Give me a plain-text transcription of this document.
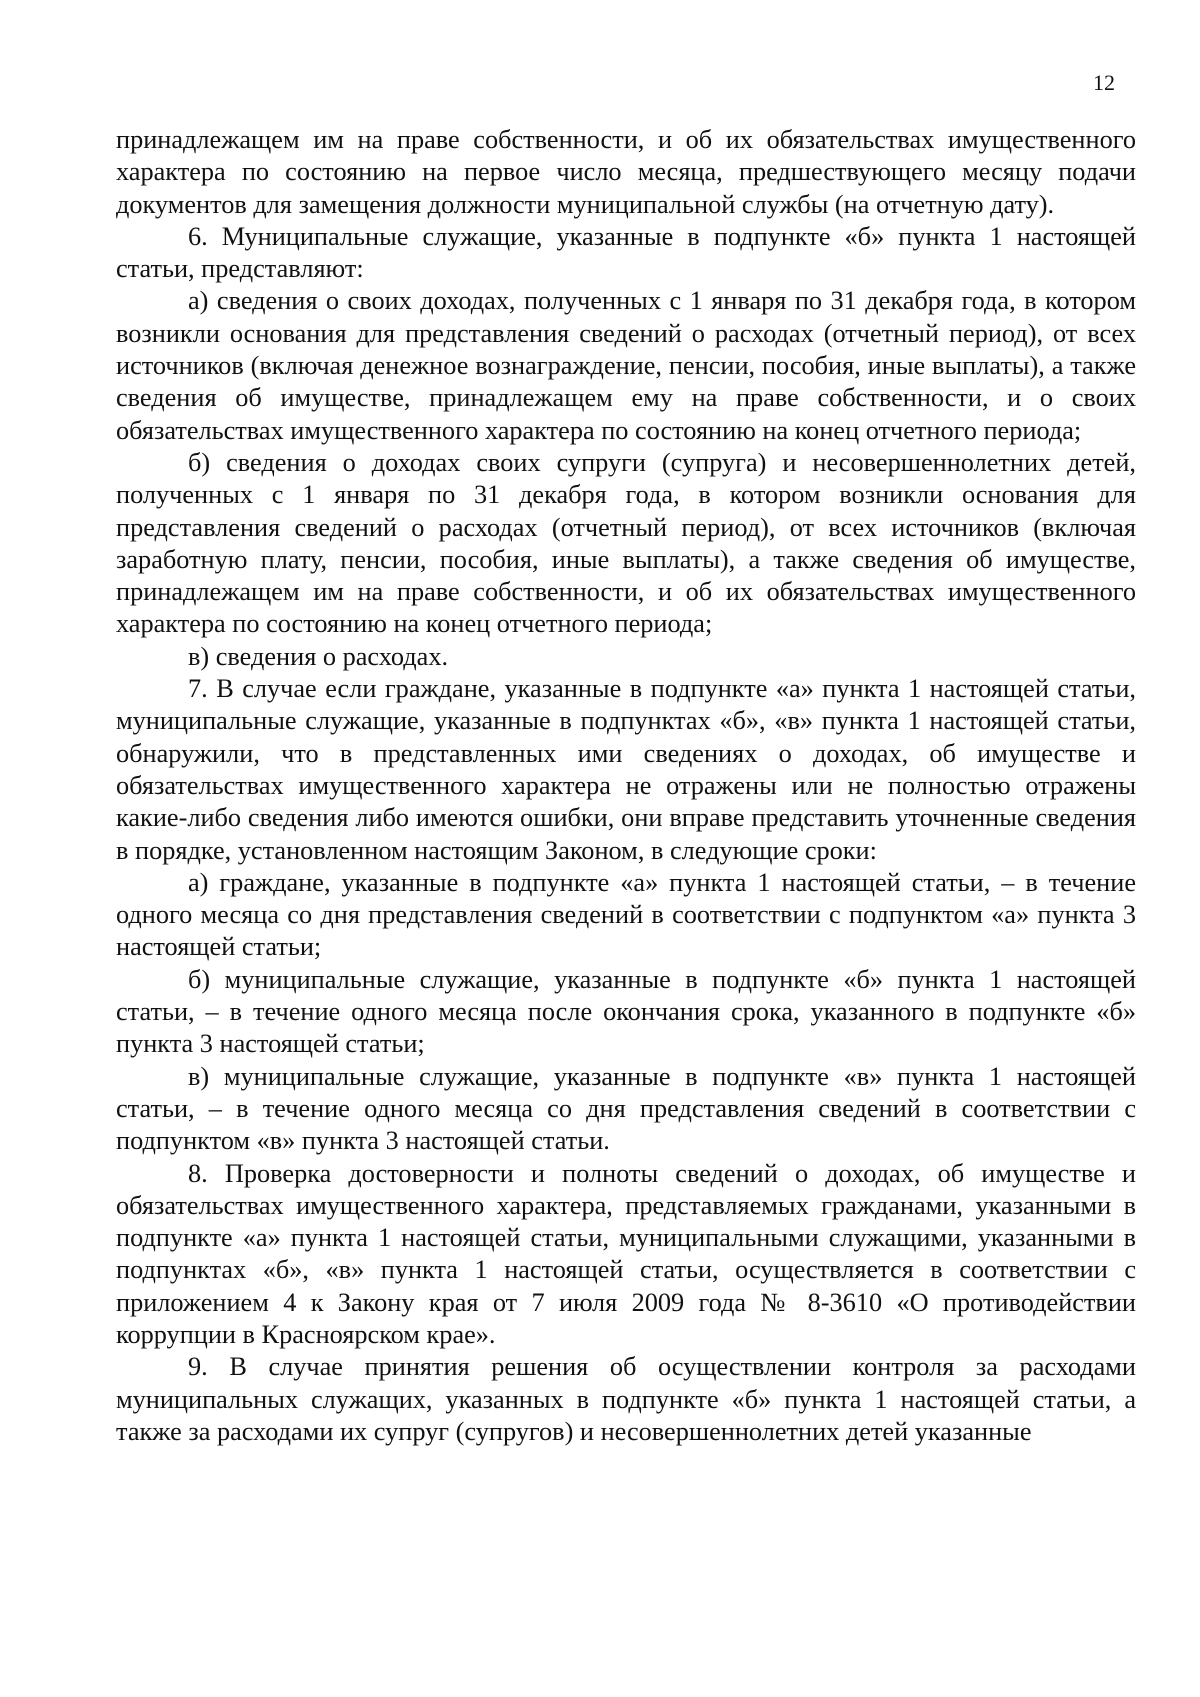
12

принадлежащем им на праве собственности, и об их обязательствах имущественного характера по состоянию на первое число месяца, предшествующего месяцу подачи документов для замещения должности муниципальной службы (на отчетную дату).

6. Муниципальные служащие, указанные в подпункте «б» пункта 1 настоящей статьи, представляют:

а) сведения о своих доходах, полученных с 1 января по 31 декабря года, в котором возникли основания для представления сведений о расходах (отчетный период), от всех источников (включая денежное вознаграждение, пенсии, пособия, иные выплаты), а также сведения об имуществе, принадлежащем ему на праве собственности, и о своих обязательствах имущественного характера по состоянию на конец отчетного периода;

б) сведения о доходах своих супруги (супруга) и несовершеннолетних детей, полученных с 1 января по 31 декабря года, в котором возникли основания для представления сведений о расходах (отчетный период), от всех источников (включая заработную плату, пенсии, пособия, иные выплаты), а также сведения об имуществе, принадлежащем им на праве собственности, и об их обязательствах имущественного характера по состоянию на конец отчетного периода;

в) сведения о расходах.

7. В случае если граждане, указанные в подпункте «а» пункта 1 настоящей статьи, муниципальные служащие, указанные в подпунктах «б», «в» пункта 1 настоящей статьи, обнаружили, что в представленных ими сведениях о доходах, об имуществе и обязательствах имущественного характера не отражены или не полностью отражены какие-либо сведения либо имеются ошибки, они вправе представить уточненные сведения в порядке, установленном настоящим Законом, в следующие сроки:

а) граждане, указанные в подпункте «а» пункта 1 настоящей статьи, – в течение одного месяца со дня представления сведений в соответствии с подпунктом «а» пункта 3 настоящей статьи;

б) муниципальные служащие, указанные в подпункте «б» пункта 1 настоящей статьи, – в течение одного месяца после окончания срока, указанного в подпункте «б» пункта 3 настоящей статьи;

в) муниципальные служащие, указанные в подпункте «в» пункта 1 настоящей статьи, – в течение одного месяца со дня представления сведений в соответствии с подпунктом «в» пункта 3 настоящей статьи.

8. Проверка достоверности и полноты сведений о доходах, об имуществе и обязательствах имущественного характера, представляемых гражданами, указанными в подпункте «а» пункта 1 настоящей статьи, муниципальными служащими, указанными в подпунктах «б», «в» пункта 1 настоящей статьи, осуществляется в соответствии с приложением 4 к Закону края от 7 июля 2009 года № 8-3610 «О противодействии коррупции в Красноярском крае».

9. В случае принятия решения об осуществлении контроля за расходами муниципальных служащих, указанных в подпункте «б» пункта 1 настоящей статьи, а также за расходами их супруг (супругов) и несовершеннолетних детей указанные
